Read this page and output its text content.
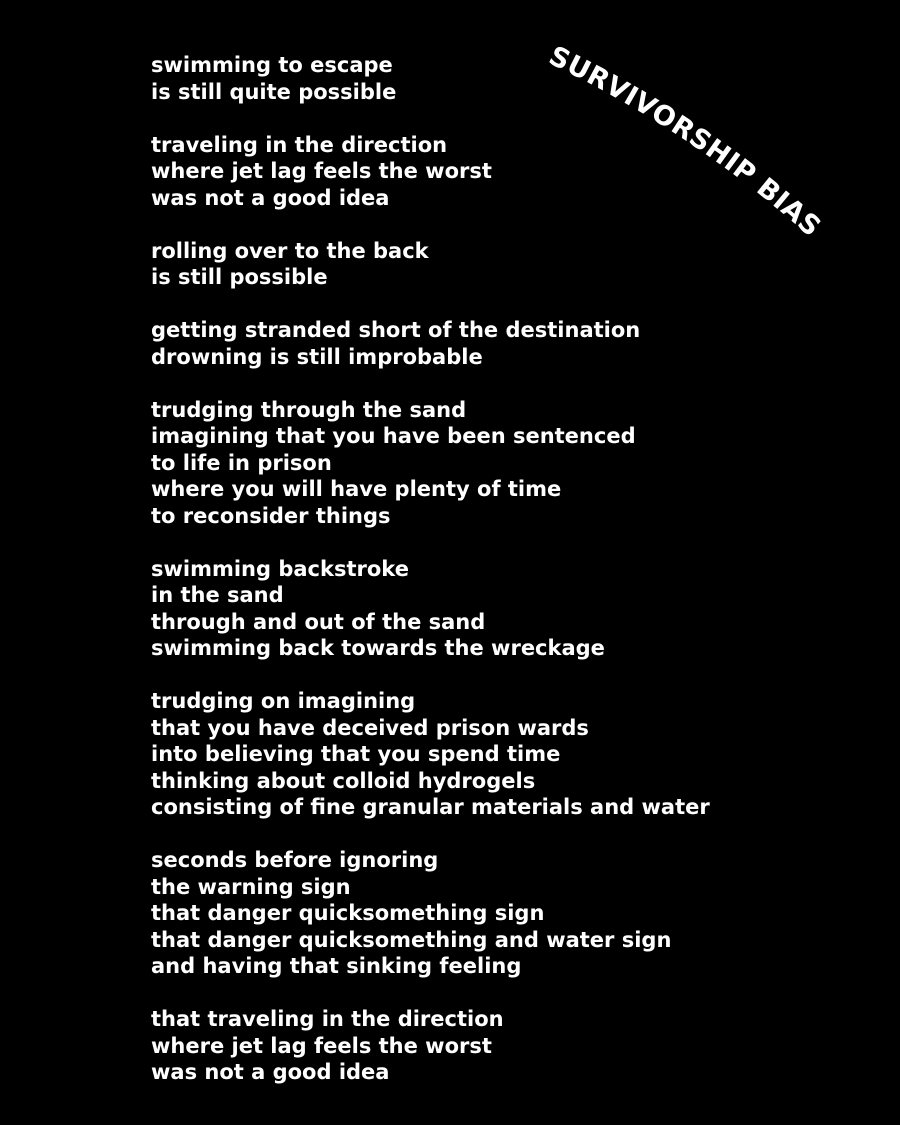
SURVIVORSHIP BIAS
swimming to escape
is still quite possible
traveling in the direction
where jet lag feels the worst
was not a good idea
rolling over to the back
is still possible
getting stranded short of the destination
drowning is still improbable
trudging through the sand
imagining that you have been sentenced
to life in prison
where you will have plenty of time
to reconsider things
swimming backstroke
in the sand
through and out of the sand
swimming back towards the wreckage
trudging on imagining
that you have deceived prison wards
into believing that you spend time
thinking about colloid hydrogels
consisting of fine granular materials and water
seconds before ignoring
the warning sign
that danger quicksomething sign
that danger quicksomething and water sign
and having that sinking feeling
that traveling in the direction
where jet lag feels the worst
was not a good idea
